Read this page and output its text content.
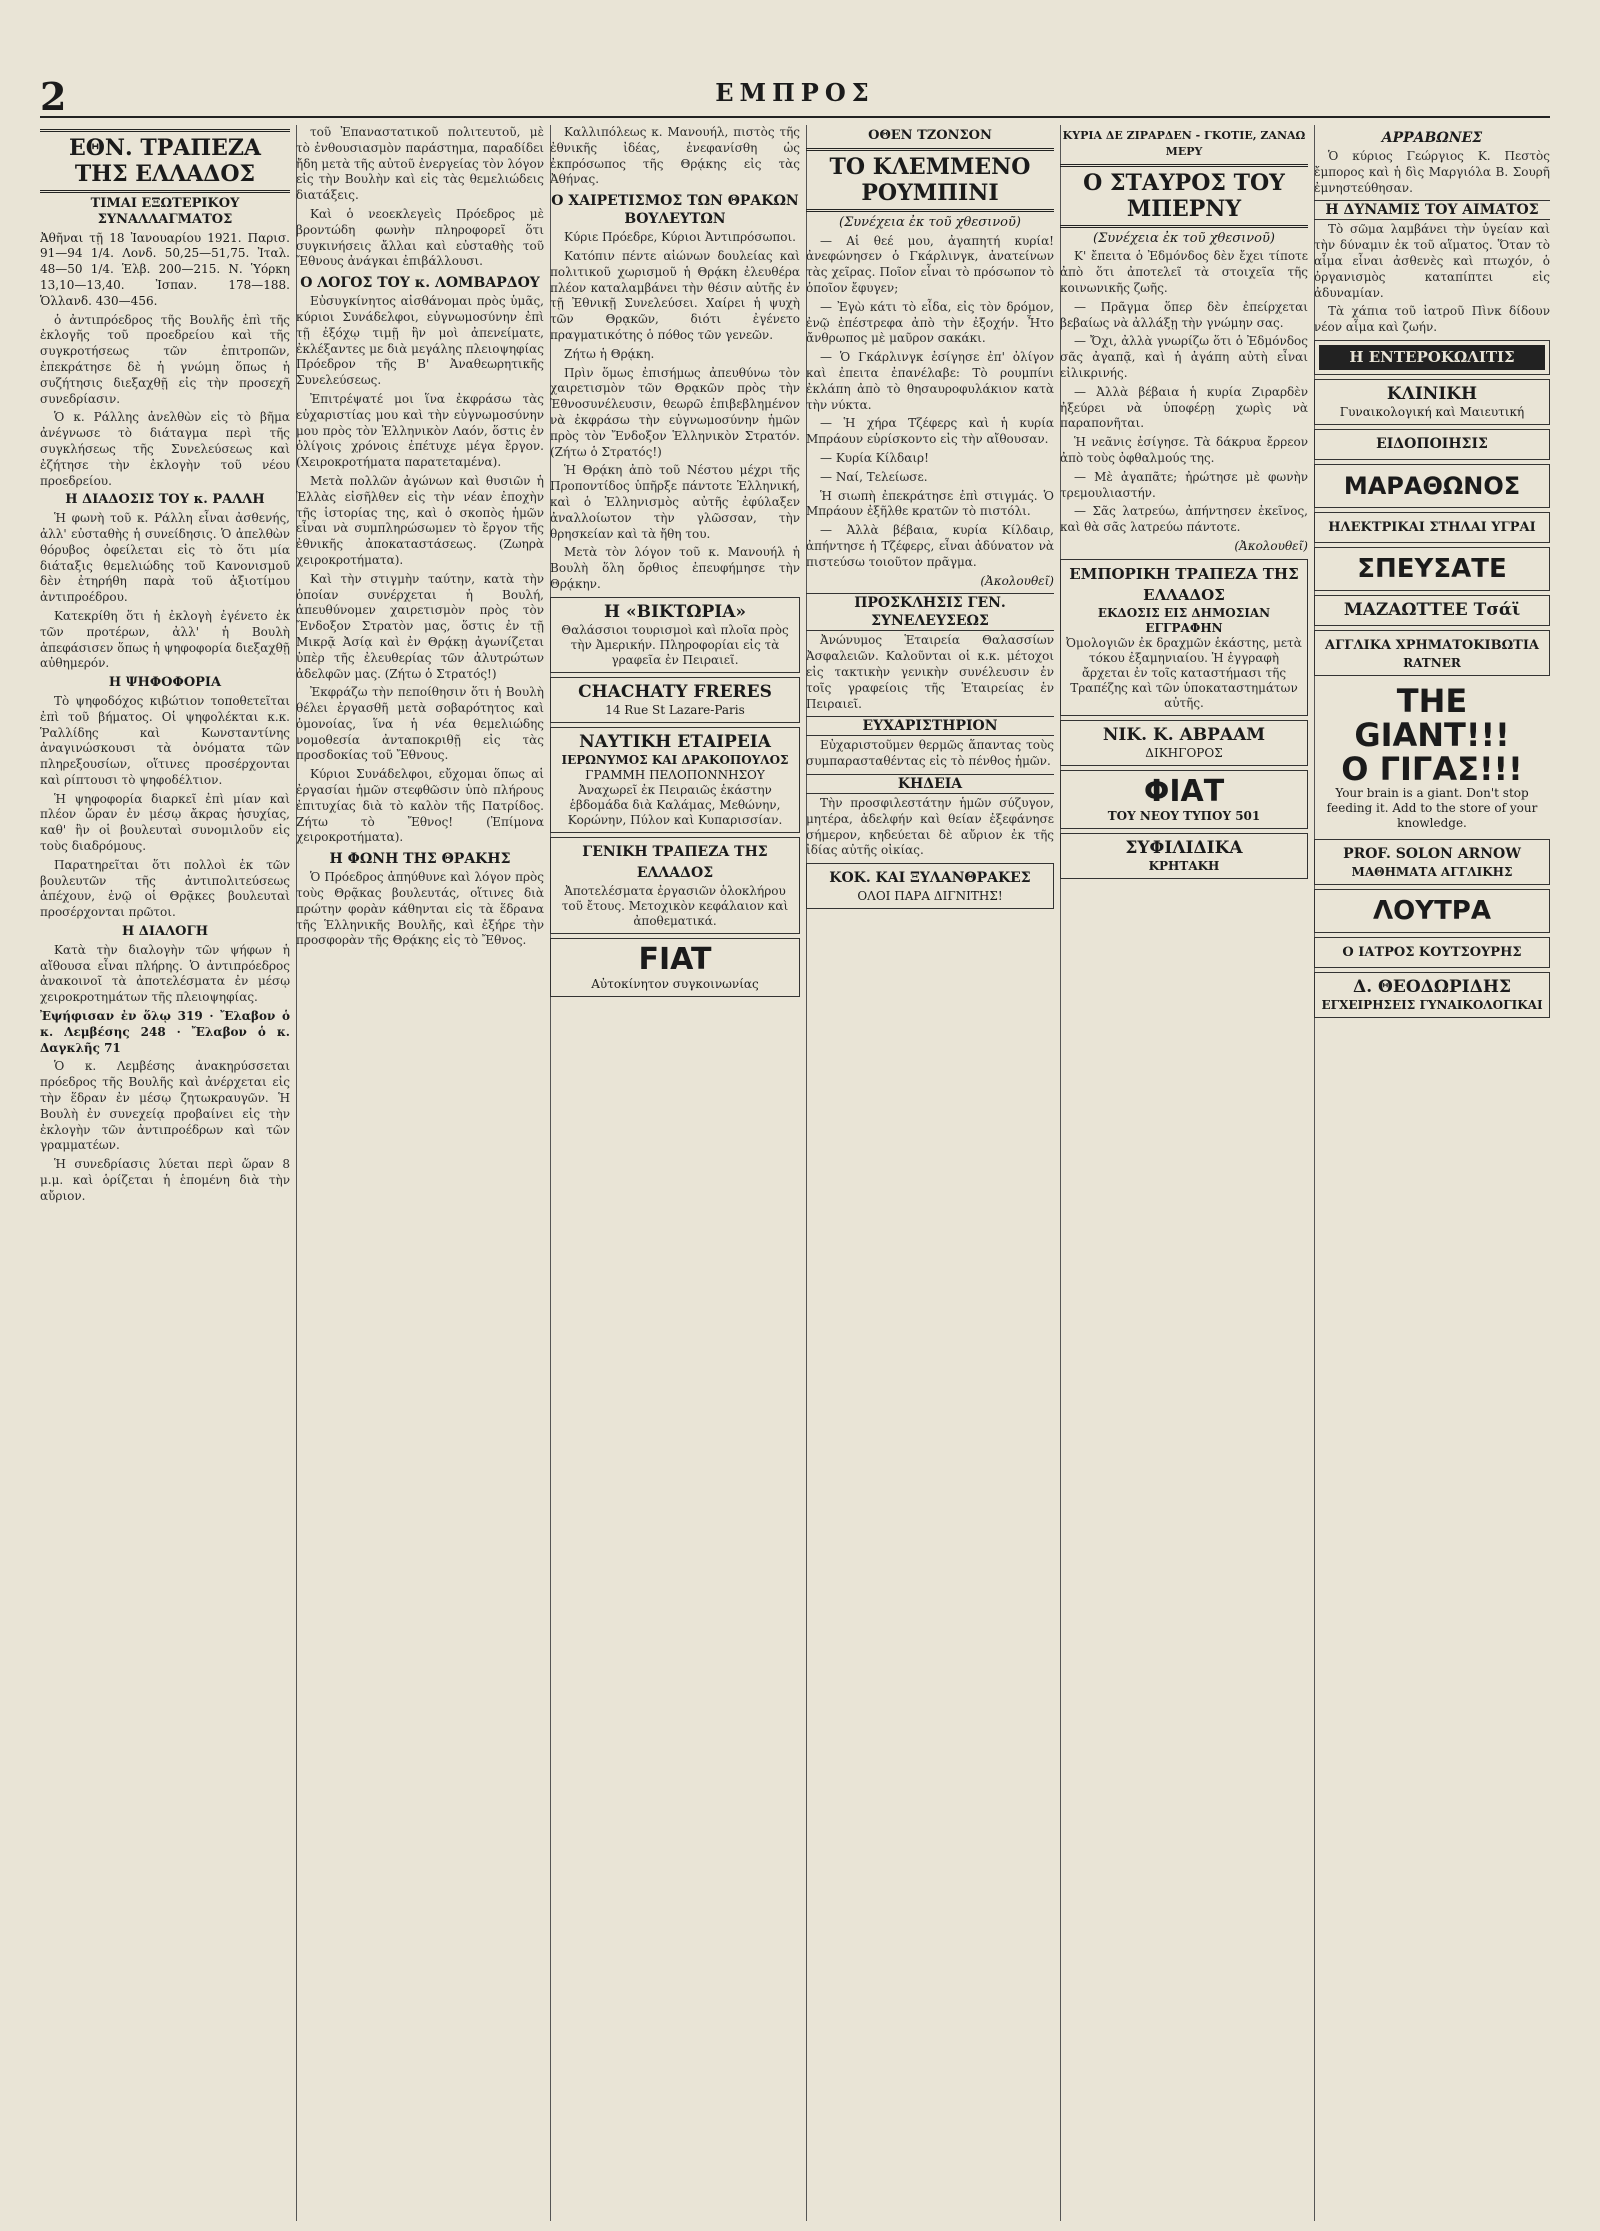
2	ΕΜΠΡΟΣ
ΕΘΝ. ΤΡΑΠΕΖΑ ΤΗΣ ΕΛΛΑΔΟΣ
ΤΙΜΑΙ ΕΞΩΤΕΡΙΚΟΥ ΣΥΝΑΛΛΑΓΜΑΤΟΣ
Ἀθῆναι τῇ 18 Ἰανουαρίου 1921. Παρισ. 91—94 1/4. Λονδ. 50,25—51,75. Ἰταλ. 48—50 1/4. Ἑλβ. 200—215. Ν. Ὑόρκη 13,10—13,40. Ἰσπαν. 178—188. Ὁλλανδ. 430—456.

ὁ ἀντιπρόεδρος τῆς Βουλῆς ἐπὶ τῆς ἐκλογῆς τοῦ προεδρείου καὶ τῆς συγκροτήσεως τῶν ἐπιτροπῶν, ἐπεκράτησε δὲ ἡ γνώμη ὅπως ἡ συζήτησις διεξαχθῇ εἰς τὴν προσεχῆ συνεδρίασιν.

Ὁ κ. Ράλλης ἀνελθὼν εἰς τὸ βῆμα ἀνέγνωσε τὸ διάταγμα περὶ τῆς συγκλήσεως τῆς Συνελεύσεως καὶ ἐζήτησε τὴν ἐκλογὴν τοῦ νέου προεδρείου.

Η ΔΙΑΔΟΣΙΣ ΤΟΥ κ. ΡΑΛΛΗ

Ἡ φωνὴ τοῦ κ. Ράλλη εἶναι ἀσθενής, ἀλλ' εὐσταθὴς ἡ συνείδησις. Ὁ ἀπελθὼν θόρυβος ὀφείλεται εἰς τὸ ὅτι μία διάταξις θεμελιώδης τοῦ Κανονισμοῦ δὲν ἐτηρήθη παρὰ τοῦ ἀξιοτίμου ἀντιπροέδρου.

Κατεκρίθη ὅτι ἡ ἐκλογὴ ἐγένετο ἐκ τῶν προτέρων, ἀλλ' ἡ Βουλὴ ἀπεφάσισεν ὅπως ἡ ψηφοφορία διεξαχθῇ αὐθημερόν.

Η ΨΗΦΟΦΟΡΙΑ

Τὸ ψηφοδόχος κιβώτιον τοποθετεῖται ἐπὶ τοῦ βήματος. Οἱ ψηφολέκται κ.κ. Ῥαλλίδης καὶ Κωνσταντίνης ἀναγινώσκουσι τὰ ὀνόματα τῶν πληρεξουσίων, οἵτινες προσέρχονται καὶ ρίπτουσι τὸ ψηφοδέλτιον.

Ἡ ψηφοφορία διαρκεῖ ἐπὶ μίαν καὶ πλέον ὥραν ἐν μέσῳ ἄκρας ἡσυχίας, καθ' ἣν οἱ βουλευταὶ συνομιλοῦν εἰς τοὺς διαδρόμους.

Παρατηρεῖται ὅτι πολλοὶ ἐκ τῶν βουλευτῶν τῆς ἀντιπολιτεύσεως ἀπέχουν, ἐνῷ οἱ Θρᾷκες βουλευταὶ προσέρχονται πρῶτοι.

Η ΔΙΑΛΟΓΗ

Κατὰ τὴν διαλογὴν τῶν ψήφων ἡ αἴθουσα εἶναι πλήρης. Ὁ ἀντιπρόεδρος ἀνακοινοῖ τὰ ἀποτελέσματα ἐν μέσῳ χειροκροτημάτων τῆς πλειοψηφίας.

Ἐψήφισαν ἐν ὅλῳ 319 · Ἔλαβον ὁ κ. Λεμβέσης 248 · Ἔλαβον ὁ κ. Δαγκλῆς 71

Ὁ κ. Λεμβέσης ἀνακηρύσσεται πρόεδρος τῆς Βουλῆς καὶ ἀνέρχεται εἰς τὴν ἕδραν ἐν μέσῳ ζητωκραυγῶν. Ἡ Βουλὴ ἐν συνεχείᾳ προβαίνει εἰς τὴν ἐκλογὴν τῶν ἀντιπροέδρων καὶ τῶν γραμματέων.

Ἡ συνεδρίασις λύεται περὶ ὥραν 8 μ.μ. καὶ ὁρίζεται ἡ ἑπομένη διὰ τὴν αὔριον.

τοῦ Ἐπαναστατικοῦ πολιτευτοῦ, μὲ τὸ ἐνθουσιασμὸν παράστημα, παραδίδει ἤδη μετὰ τῆς αὐτοῦ ἐνεργείας τὸν λόγον εἰς τὴν Βουλὴν καὶ εἰς τὰς θεμελιώδεις διατάξεις.

Καὶ ὁ νεοεκλεγεὶς Πρόεδρος μὲ βροντώδη φωνὴν πληροφορεῖ ὅτι συγκινήσεις ἄλλαι καὶ εὐσταθὴς τοῦ Ἔθνους ἀνάγκαι ἐπιβάλλουσι.

Ο ΛΟΓΟΣ ΤΟΥ κ. ΛΟΜΒΑΡΔΟΥ

Εὐσυγκίνητος αἰσθάνομαι πρὸς ὑμᾶς, κύριοι Συνάδελφοι, εὐγνωμοσύνην ἐπὶ τῇ ἐξόχῳ τιμῇ ἣν μοὶ ἀπενείματε, ἐκλέξαντες με διὰ μεγάλης πλειοψηφίας Πρόεδρον τῆς Β' Ἀναθεωρητικῆς Συνελεύσεως.

Ἐπιτρέψατέ μοι ἵνα ἐκφράσω τὰς εὐχαριστίας μου καὶ τὴν εὐγνωμοσύνην μου πρὸς τὸν Ἑλληνικὸν Λαόν, ὅστις ἐν ὀλίγοις χρόνοις ἐπέτυχε μέγα ἔργον. (Χειροκροτήματα παρατεταμένα).

Μετὰ πολλῶν ἀγώνων καὶ θυσιῶν ἡ Ἑλλὰς εἰσῆλθεν εἰς τὴν νέαν ἐποχὴν τῆς ἱστορίας της, καὶ ὁ σκοπὸς ἡμῶν εἶναι νὰ συμπληρώσωμεν τὸ ἔργον τῆς ἐθνικῆς ἀποκαταστάσεως. (Ζωηρὰ χειροκροτήματα).

Καὶ τὴν στιγμὴν ταύτην, κατὰ τὴν ὁποίαν συνέρχεται ἡ Βουλή, ἀπευθύνομεν χαιρετισμὸν πρὸς τὸν Ἔνδοξον Στρατὸν μας, ὅστις ἐν τῇ Μικρᾷ Ἀσίᾳ καὶ ἐν Θρᾴκῃ ἀγωνίζεται ὑπὲρ τῆς ἐλευθερίας τῶν ἀλυτρώτων ἀδελφῶν μας. (Ζήτω ὁ Στρατός!)

Ἐκφράζω τὴν πεποίθησιν ὅτι ἡ Βουλὴ θέλει ἐργασθῆ μετὰ σοβαρότητος καὶ ὁμονοίας, ἵνα ἡ νέα θεμελιώδης νομοθεσία ἀνταποκριθῇ εἰς τὰς προσδοκίας τοῦ Ἔθνους.

Κύριοι Συνάδελφοι, εὔχομαι ὅπως αἱ ἐργασίαι ἡμῶν στεφθῶσιν ὑπὸ πλήρους ἐπιτυχίας διὰ τὸ καλὸν τῆς Πατρίδος. Ζήτω τὸ Ἔθνος! (Ἐπίμονα χειροκροτήματα).

Η ΦΩΝΗ ΤΗΣ ΘΡΑΚΗΣ

Ὁ Πρόεδρος ἀπηύθυνε καὶ λόγον πρὸς τοὺς Θρᾷκας βουλευτάς, οἵτινες διὰ πρώτην φορὰν κάθηνται εἰς τὰ ἕδρανα τῆς Ἑλληνικῆς Βουλῆς, καὶ ἐξήρε τὴν προσφορὰν τῆς Θρᾴκης εἰς τὸ Ἔθνος.

Καλλιπόλεως κ. Μανουήλ, πιστὸς τῆς ἐθνικῆς ἰδέας, ἐνεφανίσθη ὡς ἐκπρόσωπος τῆς Θρᾴκης εἰς τὰς Ἀθήνας.

Ο ΧΑΙΡΕΤΙΣΜΟΣ ΤΩΝ ΘΡΑΚΩΝ ΒΟΥΛΕΥΤΩΝ

Κύριε Πρόεδρε, Κύριοι Ἀντιπρόσωποι.

Κατόπιν πέντε αἰώνων δουλείας καὶ πολιτικοῦ χωρισμοῦ ἡ Θρᾴκη ἐλευθέρα πλέον καταλαμβάνει τὴν θέσιν αὐτῆς ἐν τῇ Ἐθνικῇ Συνελεύσει. Χαίρει ἡ ψυχὴ τῶν Θρᾳκῶν, διότι ἐγένετο πραγματικότης ὁ πόθος τῶν γενεῶν.

Ζήτω ἡ Θρᾴκη.

Πρὶν ὅμως ἐπισήμως ἀπευθύνω τὸν χαιρετισμὸν τῶν Θρᾳκῶν πρὸς τὴν Ἐθνοσυνέλευσιν, θεωρῶ ἐπιβεβλημένον νὰ ἐκφράσω τὴν εὐγνωμοσύνην ἡμῶν πρὸς τὸν Ἔνδοξον Ἑλληνικὸν Στρατόν. (Ζήτω ὁ Στρατός!)

Ἡ Θρᾴκη ἀπὸ τοῦ Νέστου μέχρι τῆς Προποντίδος ὑπῆρξε πάντοτε Ἑλληνική, καὶ ὁ Ἑλληνισμὸς αὐτῆς ἐφύλαξεν ἀναλλοίωτον τὴν γλῶσσαν, τὴν θρησκείαν καὶ τὰ ἤθη του.

Μετὰ τὸν λόγον τοῦ κ. Μανουήλ ἡ Βουλὴ ὅλη ὄρθιος ἐπευφήμησε τὴν Θρᾴκην.

Η «ΒΙΚΤΩΡΙΑ»
Θαλάσσιοι τουρισμοὶ καὶ πλοῖα πρὸς τὴν Ἀμερικήν. Πληροφορίαι εἰς τὰ γραφεῖα ἐν Πειραιεῖ.
CHACHATY FRERES
14 Rue St Lazare-Paris
ΝΑΥΤΙΚΗ ΕΤΑΙΡΕΙΑ
ΙΕΡΩΝΥΜΟΣ ΚΑΙ ΔΡΑΚΟΠΟΥΛΟΣ
ΓΡΑΜΜΗ ΠΕΛΟΠΟΝΝΗΣΟΥ
Ἀναχωρεῖ ἐκ Πειραιῶς ἑκάστην ἑβδομάδα διὰ Καλάμας, Μεθώνην, Κορώνην, Πύλον καὶ Κυπαρισσίαν.
ΓΕΝΙΚΗ ΤΡΑΠΕΖΑ ΤΗΣ ΕΛΛΑΔΟΣ
Ἀποτελέσματα ἐργασιῶν ὁλοκλήρου τοῦ ἔτους. Μετοχικὸν κεφάλαιον καὶ ἀποθεματικά.
FIAT
Αὐτοκίνητον συγκοινωνίας
ΟΘΕΝ ΤΖΟΝΣΟΝ
ΤΟ ΚΛΕΜΜΕΝΟ ΡΟΥΜΠΙΝΙ
(Συνέχεια ἐκ τοῦ χθεσινοῦ)

— Αἱ θεέ μου, ἀγαπητή κυρία! ἀνεφώνησεν ὁ Γκάρλινγκ, ἀνατείνων τὰς χεῖρας. Ποῖον εἶναι τὸ πρόσωπον τὸ ὁποῖον ἔφυγεν;

— Ἐγὼ κάτι τὸ εἶδα, εἰς τὸν δρόμον, ἐνῷ ἐπέστρεφα ἀπὸ τὴν ἐξοχήν. Ἦτο ἄνθρωπος μὲ μαῦρον σακάκι.

— Ὁ Γκάρλινγκ ἐσίγησε ἐπ' ὀλίγον καὶ ἐπειτα ἐπανέλαβε: Τὸ ρουμπίνι ἐκλάπη ἀπὸ τὸ θησαυροφυλάκιον κατὰ τὴν νύκτα.

— Ἡ χήρα Τζέφερς καὶ ἡ κυρία Μπράουν εὑρίσκοντο εἰς τὴν αἴθουσαν.

— Κυρία Κίλδαιρ!

— Ναί, Τελείωσε.

Ἡ σιωπὴ ἐπεκράτησε ἐπὶ στιγμάς. Ὁ Μπράουν ἐξῆλθε κρατῶν τὸ πιστόλι.

— Ἀλλὰ βέβαια, κυρία Κίλδαιρ, ἀπήντησε ἡ Τζέφερς, εἶναι ἀδύνατον νὰ πιστεύσω τοιοῦτον πρᾶγμα.

(Ἀκολουθεῖ)
ΠΡΟΣΚΛΗΣΙΣ ΓΕΝ. ΣΥΝΕΛΕΥΣΕΩΣ

Ἀνώνυμος Ἑταιρεία Θαλασσίων Ἀσφαλειῶν. Καλοῦνται οἱ κ.κ. μέτοχοι εἰς τακτικὴν γενικὴν συνέλευσιν ἐν τοῖς γραφείοις τῆς Ἑταιρείας ἐν Πειραιεῖ.

ΕΥΧΑΡΙΣΤΗΡΙΟΝ

Εὐχαριστοῦμεν θερμῶς ἅπαντας τοὺς συμπαρασταθέντας εἰς τὸ πένθος ἡμῶν.

ΚΗΔΕΙΑ

Τὴν προσφιλεστάτην ἡμῶν σύζυγον, μητέρα, ἀδελφήν καὶ θείαν ἐξεφάνησε σήμερον, κηδεύεται δὲ αὔριον ἐκ τῆς ἰδίας αὐτῆς οἰκίας.

ΚΟΚ. ΚΑΙ ΞΥΛΑΝΘΡΑΚΕΣ
ΟΛΟΙ ΠΑΡΑ ΔΙΓΝΙΤΗΣ!
ΚΥΡΙΑ ΔΕ ΖΙΡΑΡΔΕΝ - ΓΚΟΤΙΕ, ΖΑΝΑΩ ΜΕΡΥ
Ο ΣΤΑΥΡΟΣ ΤΟΥ ΜΠΕΡΝΥ
(Συνέχεια ἐκ τοῦ χθεσινοῦ)

Κ' ἔπειτα ὁ Ἐδμόνδος δὲν ἔχει τίποτε ἀπὸ ὅτι ἀποτελεῖ τὰ στοιχεῖα τῆς κοινωνικῆς ζωῆς.

— Πρᾶγμα ὅπερ δὲν ἐπείρχεται βεβαίως νὰ ἀλλάξῃ τὴν γνώμην σας.

— Ὄχι, ἀλλὰ γνωρίζω ὅτι ὁ Ἐδμόνδος σᾶς ἀγαπᾷ, καὶ ἡ ἀγάπη αὐτὴ εἶναι εἰλικρινής.

— Ἀλλὰ βέβαια ἡ κυρία Ζιραρδὲν ἠξεύρει νὰ ὑποφέρῃ χωρὶς νὰ παραπονῆται.

Ἡ νεᾶνις ἐσίγησε. Τὰ δάκρυα ἔρρεον ἀπὸ τοὺς ὀφθαλμούς της.

— Μὲ ἀγαπᾶτε; ἠρώτησε μὲ φωνὴν τρεμουλιαστήν.

— Σᾶς λατρεύω, ἀπήντησεν ἐκεῖνος, καὶ θὰ σᾶς λατρεύω πάντοτε.

(Ἀκολουθεῖ)
ΕΜΠΟΡΙΚΗ ΤΡΑΠΕΖΑ ΤΗΣ ΕΛΛΑΔΟΣ
ΕΚΔΟΣΙΣ ΕΙΣ ΔΗΜΟΣΙΑΝ ΕΓΓΡΑΦΗΝ
Ὀμολογιῶν ἐκ δραχμῶν ἑκάστης, μετὰ τόκου ἐξαμηνιαίου. Ἡ ἐγγραφὴ ἄρχεται ἐν τοῖς καταστήμασι τῆς Τραπέζης καὶ τῶν ὑποκαταστημάτων αὐτῆς.
ΝΙΚ. Κ. ΑΒΡΑΑΜ
ΔΙΚΗΓΟΡΟΣ
ΦΙΑΤ
ΤΟΥ ΝΕΟΥ ΤΥΠΟΥ 501
ΣΥΦΙΛΙΔΙΚΑ
ΚΡΗΤΑΚΗ
ΑΡΡΑΒΩΝΕΣ

Ὁ κύριος Γεώργιος Κ. Πεστὸς ἔμπορος καὶ ἡ δὶς Μαργιόλα Β. Σουρῆ ἐμνηστεύθησαν.

Η ΔΥΝΑΜΙΣ ΤΟΥ ΑΙΜΑΤΟΣ

Τὸ σῶμα λαμβάνει τὴν ὑγείαν καὶ τὴν δύναμιν ἐκ τοῦ αἵματος. Ὅταν τὸ αἷμα εἶναι ἀσθενὲς καὶ πτωχόν, ὁ ὀργανισμὸς καταπίπτει εἰς ἀδυναμίαν.

Τὰ χάπια τοῦ ἰατροῦ Πὶνκ δίδουν νέον αἷμα καὶ ζωήν.

Η ΕΝΤΕΡΟΚΩΛΙΤΙΣ
ΚΛΙΝΙΚΗ
Γυναικολογική καὶ Μαιευτική
ΕΙΔΟΠΟΙΗΣΙΣ
ΜΑΡΑΘΩΝΟΣ
ΗΛΕΚΤΡΙΚΑΙ ΣΤΗΛΑΙ ΥΓΡΑΙ
ΣΠΕΥΣΑΤΕ
ΜΑΖΑΩΤΤΕΕ Τσάϊ
ΑΓΓΛΙΚΑ ΧΡΗΜΑΤΟΚΙΒΩΤΙΑ
RATNER
THE GIANT!!!
Ο ΓΙΓΑΣ!!!
Your brain is a giant. Don't stop feeding it. Add to the store of your knowledge.
PROF. SOLON ARNOW
ΜΑΘΗΜΑΤΑ ΑΓΓΛΙΚΗΣ
ΛΟΥΤΡΑ
Ο ΙΑΤΡΟΣ ΚΟΥΤΣΟΥΡΗΣ
Δ. ΘΕΟΔΩΡΙΔΗΣ
ΕΓΧΕΙΡΗΣΕΙΣ ΓΥΝΑΙΚΟΛΟΓΙΚΑΙ
